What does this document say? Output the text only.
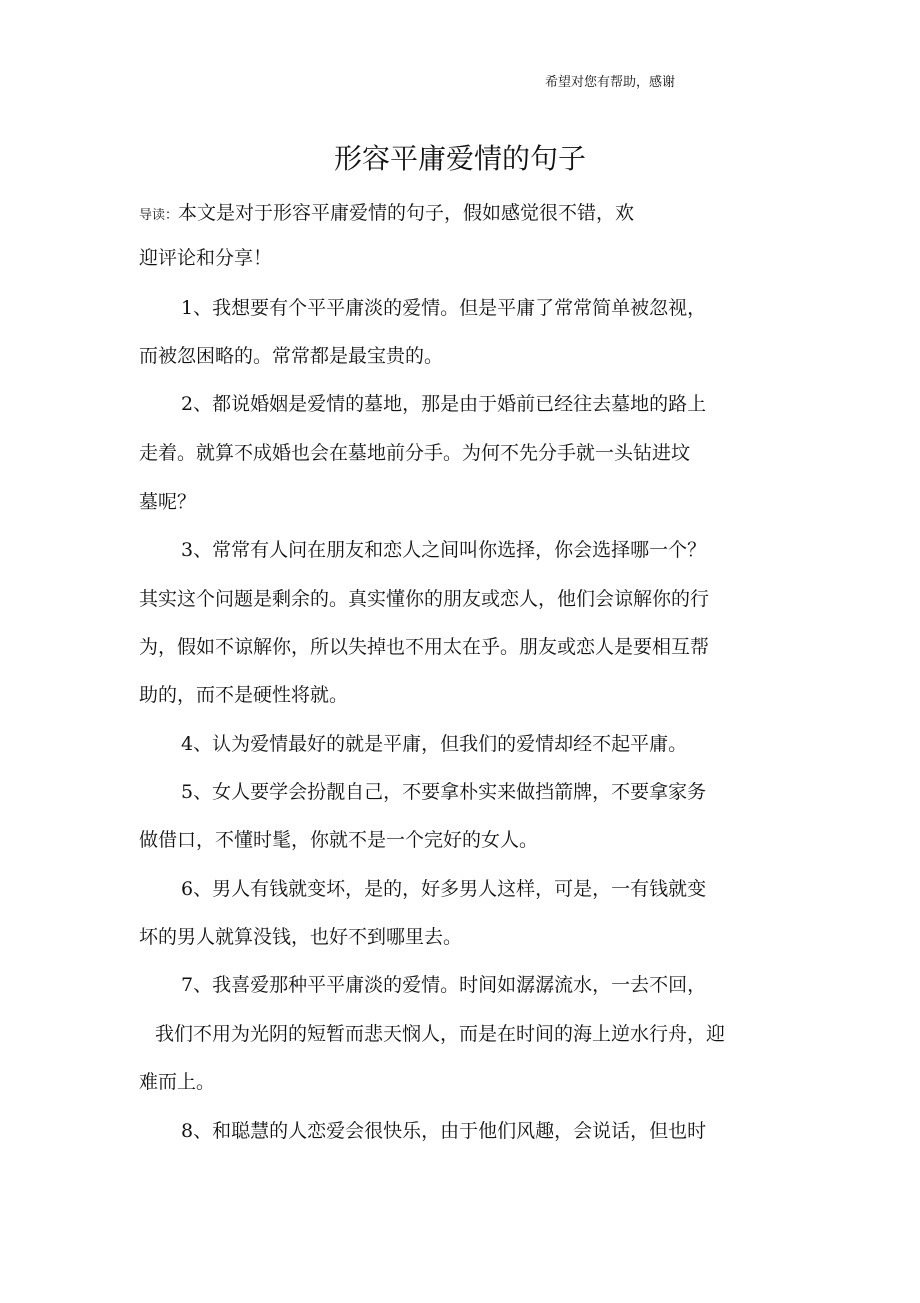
希望对您有帮助，感谢
形容平庸爱情的句子

导读：本文是对于形容平庸爱情的句子，假如感觉很不错，欢

迎评论和分享！

1、我想要有个平平庸淡的爱情。但是平庸了常常简单被忽视，

而被忽困略的。常常都是最宝贵的。

2、都说婚姻是爱情的墓地，那是由于婚前已经往去墓地的路上

走着。就算不成婚也会在墓地前分手。为何不先分手就一头钻进坟

墓呢？

3、常常有人问在朋友和恋人之间叫你选择，你会选择哪一个？

其实这个问题是剩余的。真实懂你的朋友或恋人，他们会谅解你的行

为，假如不谅解你，所以失掉也不用太在乎。朋友或恋人是要相互帮

助的，而不是硬性将就。

4、认为爱情最好的就是平庸，但我们的爱情却经不起平庸。

5、女人要学会扮靓自己，不要拿朴实来做挡箭牌，不要拿家务

做借口，不懂时髦，你就不是一个完好的女人。

6、男人有钱就变坏，是的，好多男人这样，可是，一有钱就变

坏的男人就算没钱，也好不到哪里去。

7、我喜爱那种平平庸淡的爱情。时间如潺潺流水，一去不回，

我们不用为光阴的短暂而悲天悯人，而是在时间的海上逆水行舟，迎

难而上。

8、和聪慧的人恋爱会很快乐，由于他们风趣，会说话，但也时
